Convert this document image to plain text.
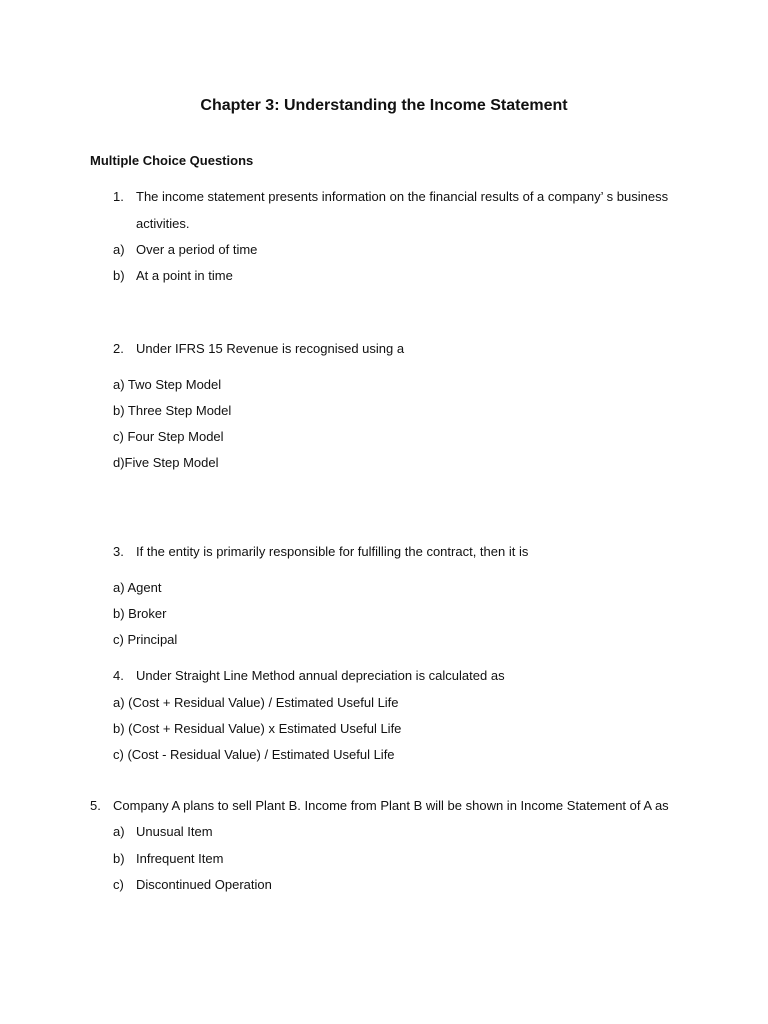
Chapter 3: Understanding the Income Statement
Multiple Choice Questions
1. The income statement presents information on the financial results of a company’ s business
activities.
a) Over a period of time
b) At a point in time
2. Under IFRS 15 Revenue is recognised using a
a) Two Step Model
b) Three Step Model
c) Four Step Model
d)Five Step Model
3. If the entity is primarily responsible for fulfilling the contract, then it is
a) Agent
b) Broker
c) Principal
4. Under Straight Line Method annual depreciation is calculated as
a) (Cost + Residual Value) / Estimated Useful Life
b) (Cost + Residual Value) x Estimated Useful Life
c) (Cost - Residual Value) / Estimated Useful Life
5. Company A plans to sell Plant B. Income from Plant B will be shown in Income Statement of A as
a) Unusual Item
b) Infrequent Item
c) Discontinued Operation
